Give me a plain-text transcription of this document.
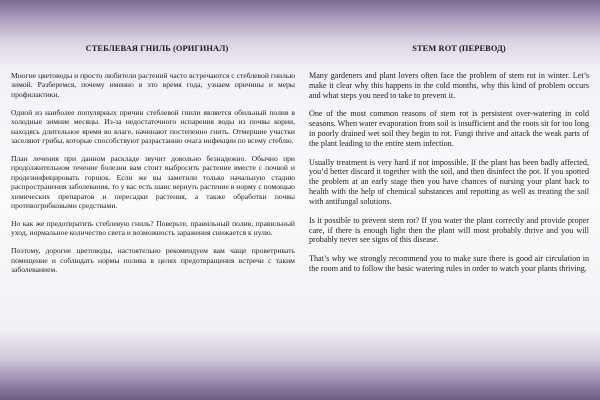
СТЕБЛЕВАЯ ГНИЛЬ (ОРИГИНАЛ)

Многие цветоводы и просто любители растений часто встречаются с стеблевой гнилью зимой. Разберемся, почему именно в это время года, узнаем причины и меры профилактики.

Одной из наиболее популярных причин стеблевой гнили является обильный полив в холодные зимние месяцы. Из-за недостаточного испарения воды из почвы корни, находясь длительное время во влаге, начинают постепенно гнить. Отмершие участки заселяют грибы, которые способствуют разрастанию очага инфекции по всему стеблю.

План лечения при данном раскладе звучит довольно безнадежно. Обычно при продолжительном течение болезни вам стоит выбросить растение вместе с почвой и продезинфицировать горшок. Если же вы заметили только начальную стадию распространения заболевания, то у вас есть шанс вернуть растение в норму с помощью химических препаратов и пересадки растения, а также обработки почвы противогрибковыми средствами.

Но как же предотвратить стеблевую гниль? Поверьте, правильный полив, правильный уход, нормальное количество света и возможность заражения снижается к нулю.

Поэтому, дорогие цветоводы, настоятельно рекомендуем вам чаще проветривать помещение и соблюдать нормы полива в целях предотвращения встречи с таким заболеванием.

STEM ROT (ПЕРЕВОД)

Many gardeners and plant lovers often face the problem of stem rot in winter. Let’s make it clear why this happens in the cold months, why this kind of problem occurs and what steps you need to take to prevent it.

One of the most common reasons of stem rot is persistent over-watering in cold seasons. When water evaporation from soil is insufficient and the roots sit for too long in poorly drained wet soil they begin to rot. Fungi thrive and attack the weak parts of the plant leading to the entire stem infection.

Usually treatment is very hard if not impossible. If the plant has been badly affected, you’d better discard it together with the soil, and then disinfect the pot. If you spotted the problem at an early stage then you have chances of nursing your plant back to health with the help of chemical substances and repotting as well as treating the soil with antifungal solutions.

Is it possible to prevent stem rot? If you water the plant correctly and provide proper care, if there is enough light then the plant will most probably thrive and you will probably never see signs of this disease.

That’s why we strongly recommend you to make sure there is good air circulation in the room and to follow the basic watering rules in order to watch your plants thriving.
